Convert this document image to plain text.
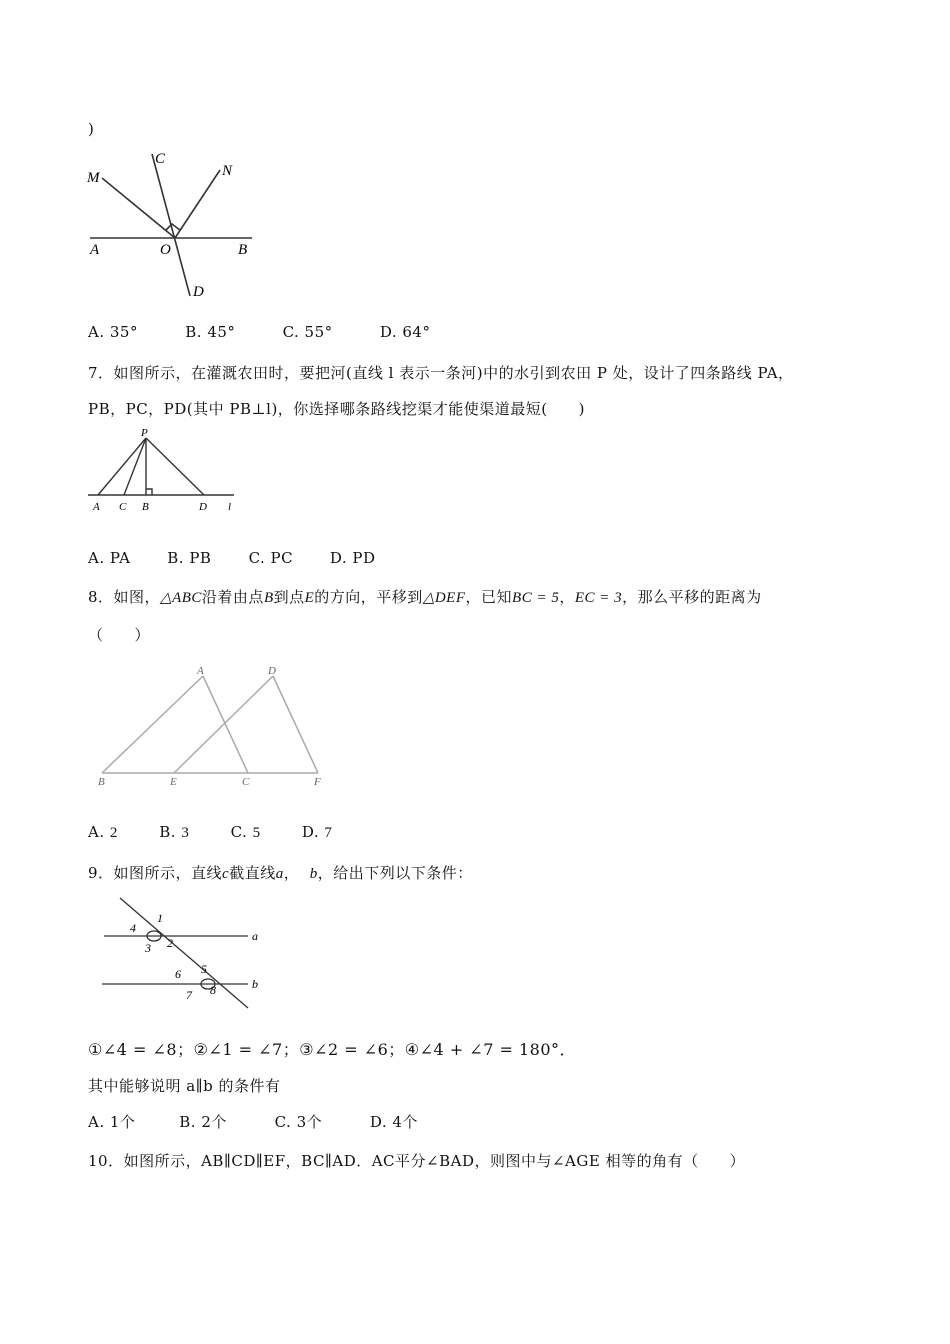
)
M
C
N
A	O	B
D
A. 35°	B. 45°	C. 55°	D. 64°
7．如图所示，在灌溉农田时，要把河(直线 l 表示一条河)中的水引到农田 P 处，设计了四条路线 PA，
PB，PC，PD(其中 PB⊥l)，你选择哪条路线挖渠才能使渠道最短(　　)
P
A C B	D l
A. PA B. PB C. PC D. PD
8．如图，△ABC沿着由点B到点E的方向，平移到△DEF，已知BC = 5，EC = 3，那么平移的距离为
（　　）
A	D
B	E	C	F
A. 2	B. 3	C. 5	D. 7
9．如图所示，直线c截直线a， b，给出下列以下条件：
1
4
2
3
a
6 5
8
7
b
①∠4 = ∠8；②∠1 = ∠7；③∠2 = ∠6；④∠4 + ∠7 = 180°．
其中能够说明 a∥b 的条件有
A. 1个	B. 2个	C. 3个	D. 4个
10．如图所示，AB∥CD∥EF，BC∥AD．AC平分∠BAD，则图中与∠AGE 相等的角有（　　）
